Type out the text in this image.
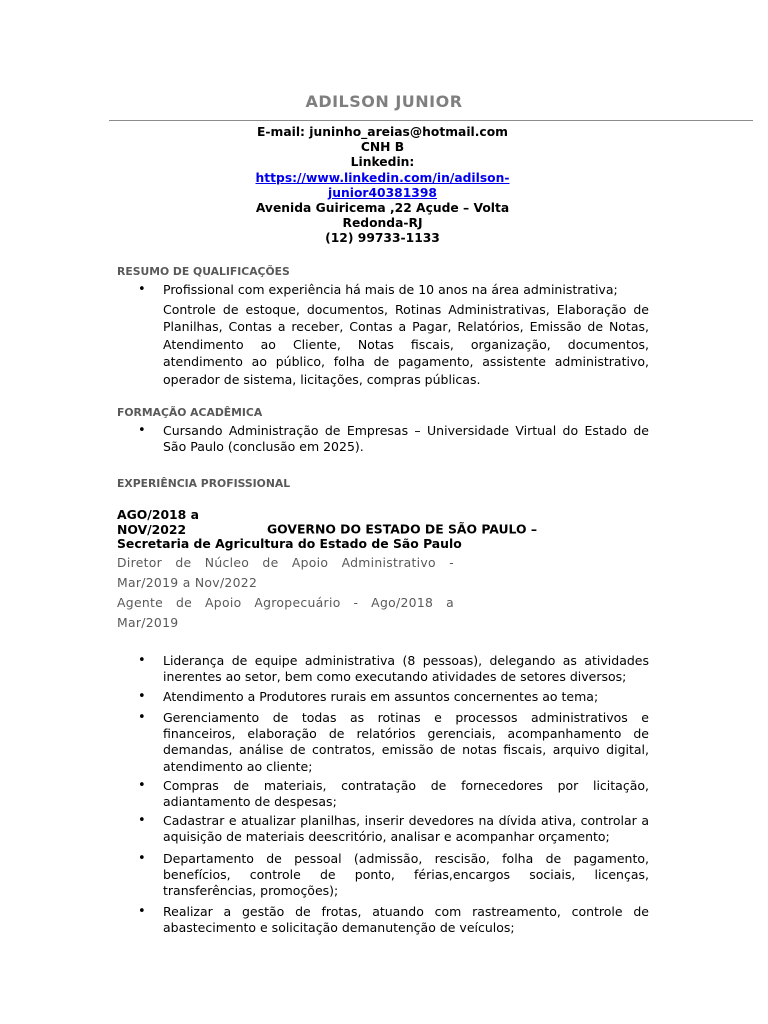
ADILSON JUNIOR
E-mail: juninho_areias@hotmail.com
CNH B
Linkedin:
https://www.linkedin.com/in/adilson-
junior40381398
Avenida Guiricema ,22 Açude – Volta
Redonda-RJ
(12) 99733-1133
RESUMO DE QUALIFICAÇÕES
• Profissional com experiência há mais de 10 anos na área administrativa;
Controle de estoque, documentos, Rotinas Administrativas, Elaboração de Planilhas, Contas a receber, Contas a Pagar, Relatórios, Emissão de Notas, Atendimento ao Cliente, Notas fiscais, organização, documentos, atendimento ao público, folha de pagamento, assistente administrativo, operador de sistema, licitações, compras públicas.
FORMAÇÃO ACADÊMICA
• Cursando Administração de Empresas – Universidade Virtual do Estado de São Paulo (conclusão em 2025).
EXPERIÊNCIA PROFISSIONAL
AGO/2018 a NOV/2022	GOVERNO DO ESTADO DE SÃO PAULO –
Secretaria de Agricultura do Estado de São Paulo
Diretor de Núcleo de Apoio Administrativo - Mar/2019 a Nov/2022
Agente de Apoio Agropecuário - Ago/2018 a Mar/2019
• Liderança de equipe administrativa (8 pessoas), delegando as atividades inerentes ao setor, bem como executando atividades de setores diversos;
• Atendimento a Produtores rurais em assuntos concernentes ao tema;
• Gerenciamento de todas as rotinas e processos administrativos e financeiros, elaboração de relatórios gerenciais, acompanhamento de demandas, análise de contratos, emissão de notas fiscais, arquivo digital, atendimento ao cliente;
• Compras de materiais, contratação de fornecedores por licitação, adiantamento de despesas;
• Cadastrar e atualizar planilhas, inserir devedores na dívida ativa, controlar a aquisição de materiais deescritório, analisar e acompanhar orçamento;
• Departamento de pessoal (admissão, rescisão, folha de pagamento, benefícios, controle de ponto, férias,encargos sociais, licenças, transferências, promoções);
• Realizar a gestão de frotas, atuando com rastreamento, controle de abastecimento e solicitação demanutenção de veículos;
